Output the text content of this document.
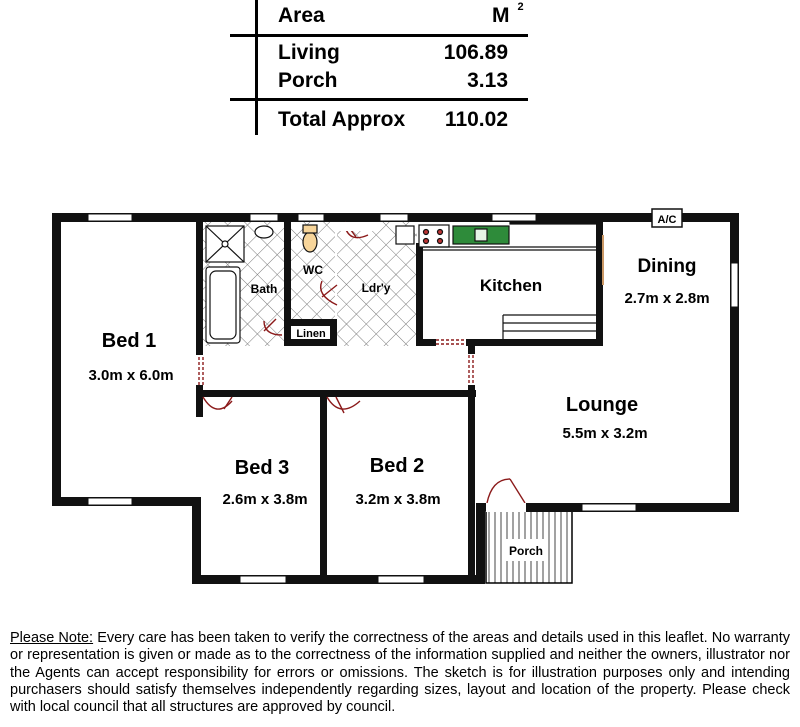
Area	M $^2$
Living	106.89
Porch	3.13
Total Approx	110.02
Bed 1
3.0m x 6.0m
Bath
WC
Ldr'y
Linen
Kitchen
Dining
2.7m x 2.8m
Lounge
5.5m x 3.2m
Bed 3
2.6m x 3.8m
Bed 2
3.2m x 3.8m
Porch
A/C
Please Note: Every care has been taken to verify the correctness of the areas and details used in this leaflet. No warranty or representation is given or made as to the correctness of the information supplied and neither the owners, illustrator nor the Agents can accept responsibility for errors or omissions. The sketch is for illustration purposes only and intending purchasers should satisfy themselves independently regarding sizes, layout and location of the property. Please check with local council that all structures are approved by council.
